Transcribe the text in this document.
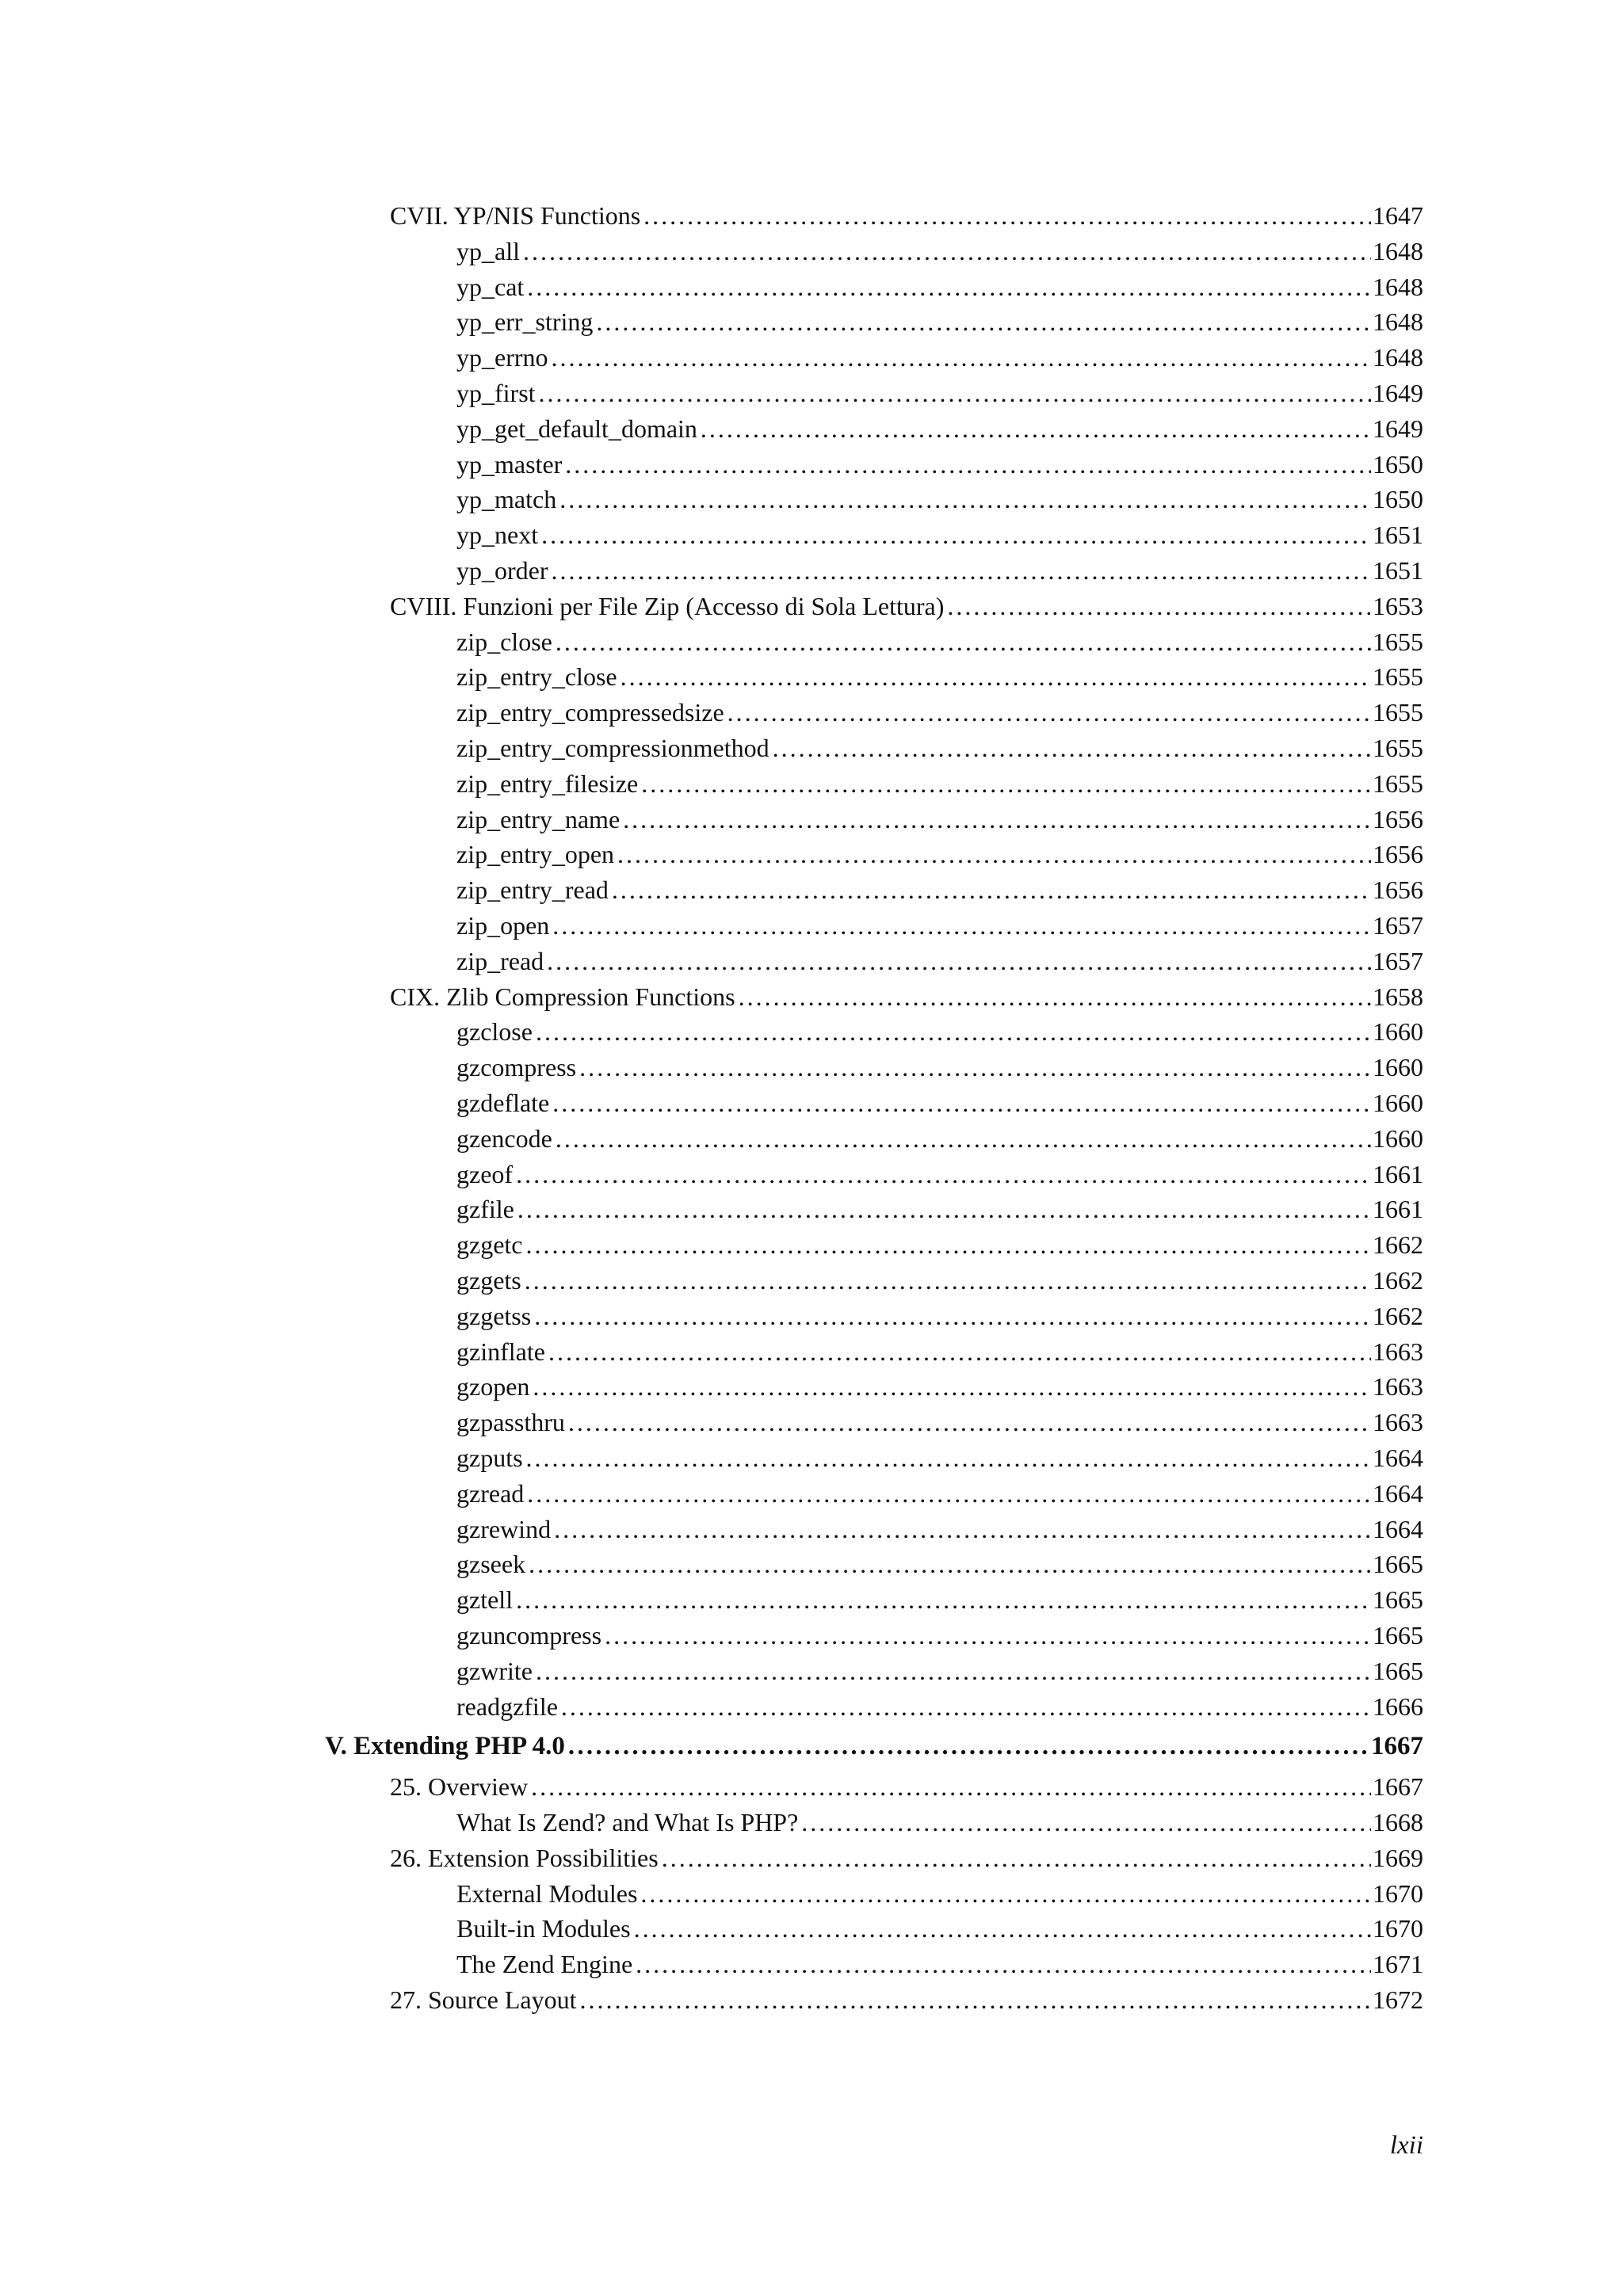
CVII. YP/NIS Functions . . .	1647
yp_all . . .	1648
yp_cat . . .	1648
yp_err_string . . .	1648
yp_errno . . .	1648
yp_first . . .	1649
yp_get_default_domain . . .	1649
yp_master . . .	1650
yp_match . . .	1650
yp_next . . .	1651
yp_order . . .	1651
CVIII. Funzioni per File Zip (Accesso di Sola Lettura) . . .	1653
zip_close . . .	1655
zip_entry_close . . .	1655
zip_entry_compressedsize . . .	1655
zip_entry_compressionmethod . . .	1655
zip_entry_filesize . . .	1655
zip_entry_name . . .	1656
zip_entry_open . . .	1656
zip_entry_read . . .	1656
zip_open . . .	1657
zip_read . . .	1657
CIX. Zlib Compression Functions . . .	1658
gzclose . . .	1660
gzcompress . . .	1660
gzdeflate . . .	1660
gzencode . . .	1660
gzeof . . .	1661
gzfile . . .	1661
gzgetc . . .	1662
gzgets . . .	1662
gzgetss . . .	1662
gzinflate . . .	1663
gzopen . . .	1663
gzpassthru . . .	1663
gzputs . . .	1664
gzread . . .	1664
gzrewind . . .	1664
gzseek . . .	1665
gztell . . .	1665
gzuncompress . . .	1665
gzwrite . . .	1665
readgzfile . . .	1666
V. Extending PHP 4.0 . . .	1667
25. Overview . . .	1667
What Is Zend? and What Is PHP? . . .	1668
26. Extension Possibilities . . .	1669
External Modules . . .	1670
Built-in Modules . . .	1670
The Zend Engine . . .	1671
27. Source Layout . . .	1672
lxii
